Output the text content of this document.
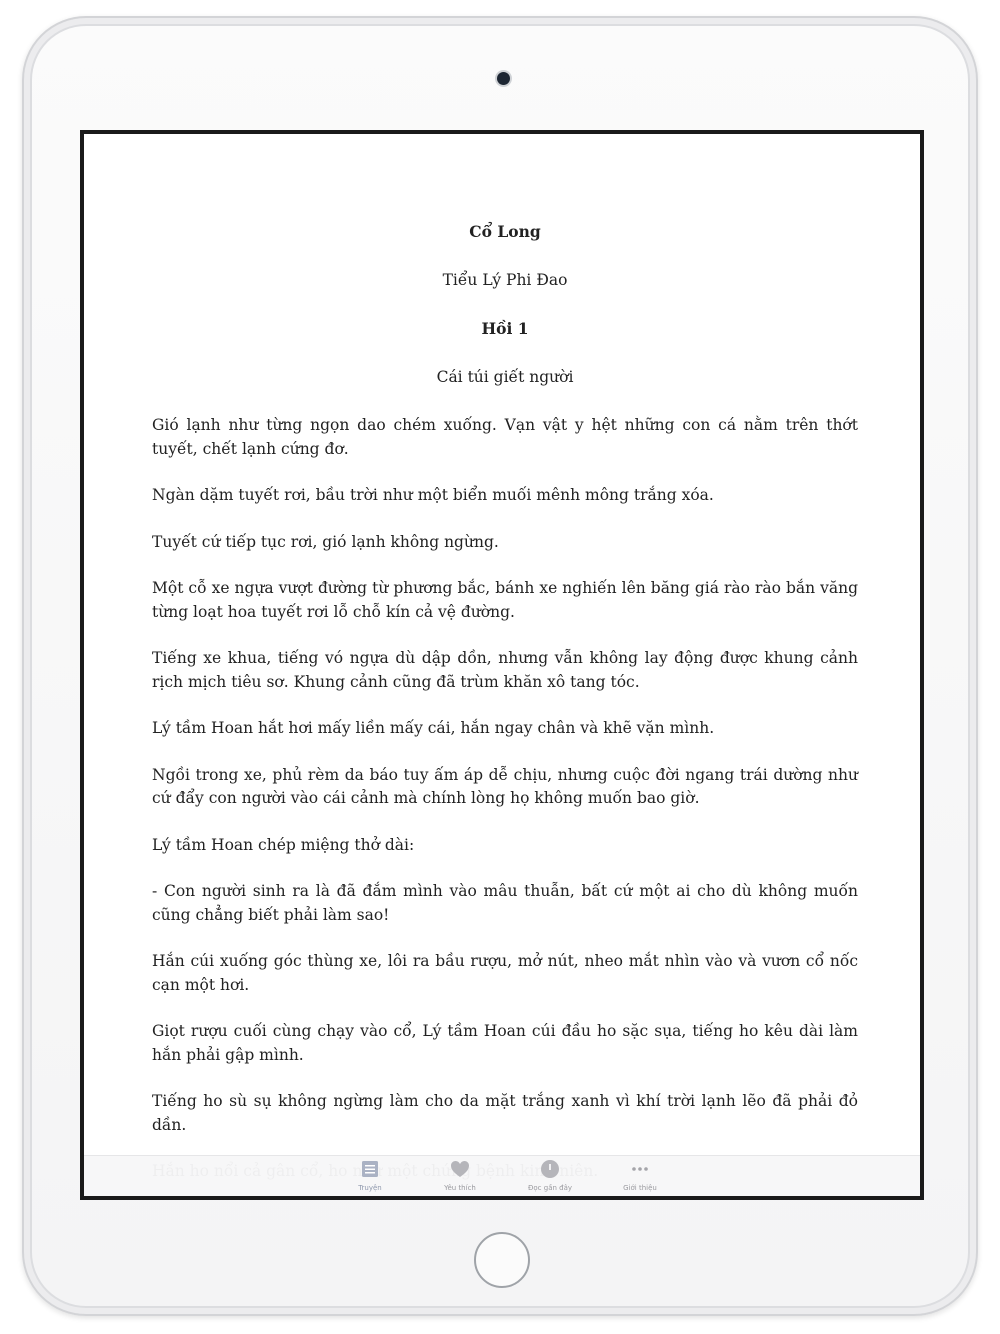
Cổ Long

Tiểu Lý Phi Đao

Hồi 1

Cái túi giết người

Gió lạnh như từng ngọn dao chém xuống. Vạn vật y hệt những con cá nằm trên thớt tuyết, chết lạnh cứng đơ.

Ngàn dặm tuyết rơi, bầu trời như một biển muối mênh mông trắng xóa.

Tuyết cứ tiếp tục rơi, gió lạnh không ngừng.

Một cỗ xe ngựa vượt đường từ phương bắc, bánh xe nghiến lên băng giá rào rào bắn văng từng loạt hoa tuyết rơi lỗ chỗ kín cả vệ đường.

Tiếng xe khua, tiếng vó ngựa dù dập dồn, nhưng vẫn không lay động được khung cảnh rịch mịch tiêu sơ. Khung cảnh cũng đã trùm khăn xô tang tóc.

Lý tầm Hoan hắt hơi mấy liền mấy cái, hắn ngay chân và khẽ vặn mình.

Ngồi trong xe, phủ rèm da báo tuy ấm áp dễ chịu, nhưng cuộc đời ngang trái dường như cứ đẩy con người vào cái cảnh mà chính lòng họ không muốn bao giờ.

Lý tầm Hoan chép miệng thở dài:

- Con người sinh ra là đã đắm mình vào mâu thuẫn, bất cứ một ai cho dù không muốn cũng chẳng biết phải làm sao!

Hắn cúi xuống góc thùng xe, lôi ra bầu rượu, mở nút, nheo mắt nhìn vào và vươn cổ nốc cạn một hơi.

Giọt rượu cuối cùng chạy vào cổ, Lý tầm Hoan cúi đầu ho sặc sụa, tiếng ho kêu dài làm hắn phải gập mình.

Tiếng ho sù sụ không ngừng làm cho da mặt trắng xanh vì khí trời lạnh lẽo đã phải đỏ dần.

Truyện	Yêu thích	Đọc gần đây	Giới thiệu
